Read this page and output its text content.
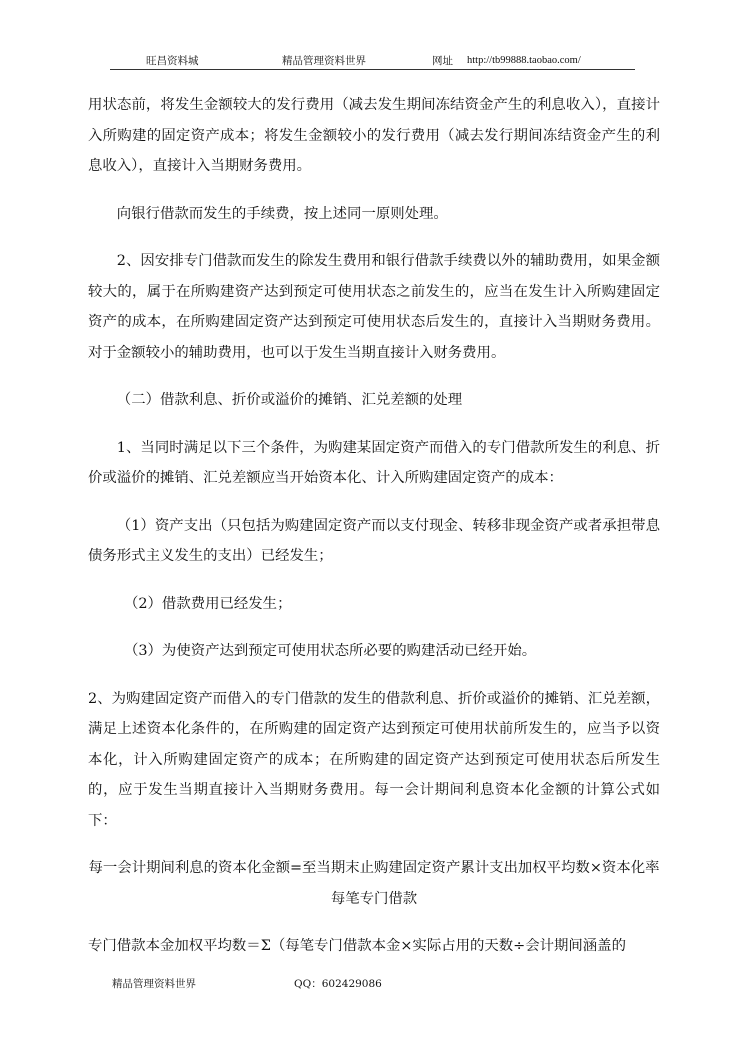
旺昌资料城	精品管理资料世界	网址 http://tb99888.taobao.com/

用状态前，将发生金额较大的发行费用（减去发生期间冻结资金产生的利息收入），直接计入所购建的固定资产成本；将发生金额较小的发行费用（减去发行期间冻结资金产生的利息收入），直接计入当期财务费用。

向银行借款而发生的手续费，按上述同一原则处理。

2、因安排专门借款而发生的除发生费用和银行借款手续费以外的辅助费用，如果金额较大的，属于在所购建资产达到预定可使用状态之前发生的，应当在发生计入所购建固定资产的成本，在所购建固定资产达到预定可使用状态后发生的，直接计入当期财务费用。对于金额较小的辅助费用，也可以于发生当期直接计入财务费用。

（二）借款利息、折价或溢价的摊销、汇兑差额的处理

1、当同时满足以下三个条件，为购建某固定资产而借入的专门借款所发生的利息、折价或溢价的摊销、汇兑差额应当开始资本化、计入所购建固定资产的成本：

（1）资产支出（只包括为购建固定资产而以支付现金、转移非现金资产或者承担带息债务形式主义发生的支出）已经发生；

（2）借款费用已经发生；

（3）为使资产达到预定可使用状态所必要的购建活动已经开始。

2、为购建固定资产而借入的专门借款的发生的借款利息、折价或溢价的摊销、汇兑差额，满足上述资本化条件的，在所购建的固定资产达到预定可使用状前所发生的，应当予以资本化，计入所购建固定资产的成本；在所购建的固定资产达到预定可使用状态后所发生的，应于发生当期直接计入当期财务费用。每一会计期间利息资本化金额的计算公式如下：

每一会计期间利息的资本化金额=至当期末止购建固定资产累计支出加权平均数×资本化率每笔专门借款

专门借款本金加权平均数＝Σ（每笔专门借款本金×实际占用的天数÷会计期间涵盖的

精品管理资料世界	QQ：602429086
